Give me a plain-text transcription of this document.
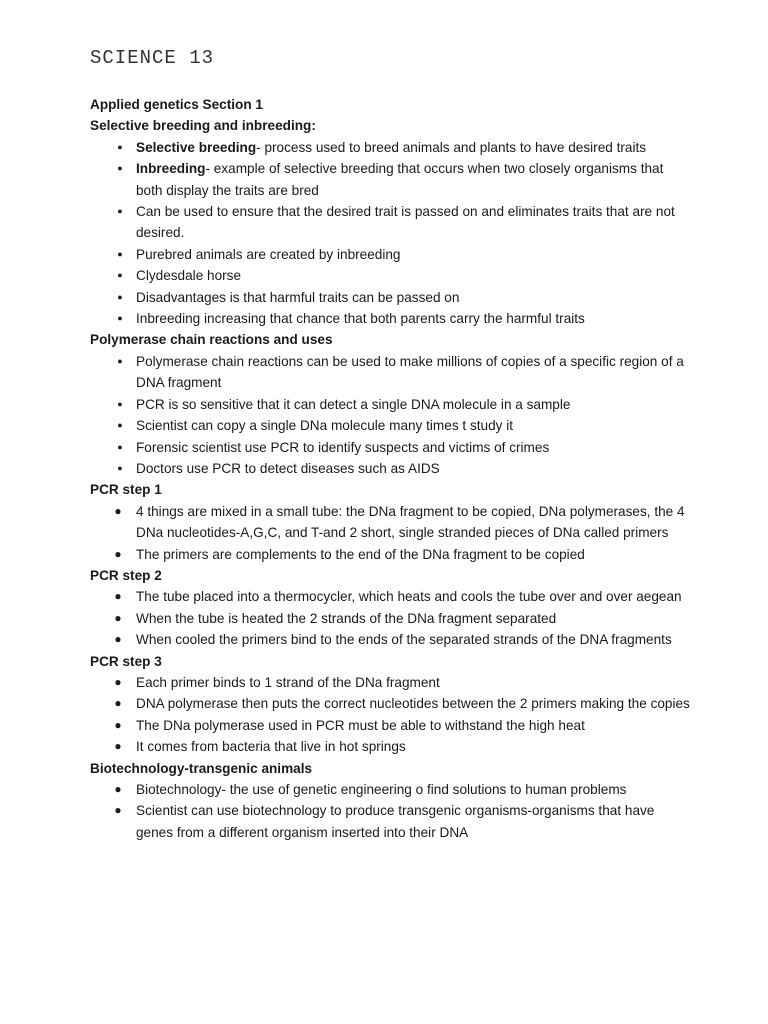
SCIENCE 13
Applied genetics Section 1
Selective breeding and inbreeding:
● Selective breeding- process used to breed animals and plants to have desired traits
● Inbreeding- example of selective breeding that occurs when two closely organisms that both display the traits are bred
● Can be used to ensure that the desired trait is passed on and eliminates traits that are not desired.
● Purebred animals are created by inbreeding
● Clydesdale horse
● Disadvantages is that harmful traits can be passed on
● Inbreeding increasing that chance that both parents carry the harmful traits
Polymerase chain reactions and uses
● Polymerase chain reactions can be used to make millions of copies of a specific region of a DNA fragment
● PCR is so sensitive that it can detect a single DNA molecule in a sample
● Scientist can copy a single DNa molecule many times t study it
● Forensic scientist use PCR to identify suspects and victims of crimes
● Doctors use PCR to detect diseases such as AIDS
PCR step 1
● 4 things are mixed in a small tube: the DNa fragment to be copied, DNa polymerases, the 4 DNa nucleotides-A,G,C, and T-and 2 short, single stranded pieces of DNa called primers
● The primers are complements to the end of the DNa fragment to be copied
PCR step 2
● The tube placed into a thermocycler, which heats and cools the tube over and over aegean
● When the tube is heated the 2 strands of the DNa fragment separated
● When cooled the primers bind to the ends of the separated strands of the DNA fragments
PCR step 3
● Each primer binds to 1 strand of the DNa fragment
● DNA polymerase then puts the correct nucleotides between the 2 primers making the copies
● The DNa polymerase used in PCR must be able to withstand the high heat
● It comes from bacteria that live in hot springs
Biotechnology-transgenic animals
● Biotechnology- the use of genetic engineering o find solutions to human problems
● Scientist can use biotechnology to produce transgenic organisms-organisms that have genes from a different organism inserted into their DNA
